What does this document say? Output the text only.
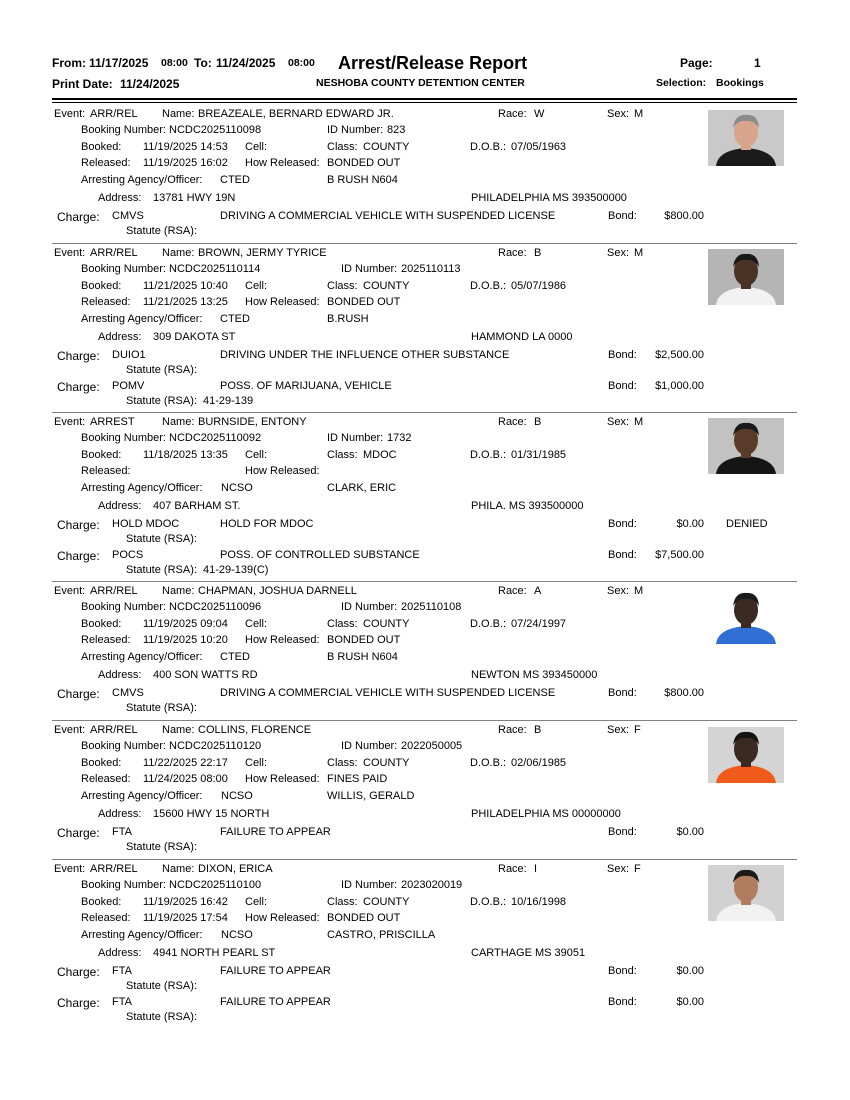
From: 11/17/2025 08:00 To: 11/24/2025 08:00 Arrest/Release Report	Page:	1
Print Date: 11/24/2025	NESHOBA COUNTY DETENTION CENTER	Selection: Bookings
Event: ARR/REL Name: BREAZEALE, BERNARD EDWARD JR.	Race: W	Sex: M
Booking Number: NCDC2025110098	ID Number: 823
Booked: 11/19/2025 14:53 Cell:	Class: COUNTY	D.O.B.: 07/05/1963
Released: 11/19/2025 16:02 How Released: BONDED OUT
Arresting Agency/Officer: CTED	B RUSH N604
Address: 13781 HWY 19N	PHILADELPHIA MS 393500000
Charge: CMVS	DRIVING A COMMERCIAL VEHICLE WITH SUSPENDED LICENSE	Bond: $800.00
Statute (RSA):
Event: ARR/REL Name: BROWN, JERMY TYRICE	Race: B	Sex: M
Booking Number: NCDC2025110114	ID Number: 2025110113
Booked: 11/21/2025 10:40 Cell:	Class: COUNTY	D.O.B.: 05/07/1986
Released: 11/21/2025 13:25 How Released: BONDED OUT
Arresting Agency/Officer: CTED	B.RUSH
Address: 309 DAKOTA ST	HAMMOND LA 0000
Charge: DUIO1	DRIVING UNDER THE INFLUENCE OTHER SUBSTANCE	Bond: $2,500.00
Statute (RSA):
Charge: POMV	POSS. OF MARIJUANA, VEHICLE	Bond: $1,000.00
Statute (RSA): 41-29-139
Event: ARREST Name: BURNSIDE, ENTONY	Race: B	Sex: M
Booking Number: NCDC2025110092	ID Number: 1732
Booked: 11/18/2025 13:35 Cell:	Class: MDOC	D.O.B.: 01/31/1985
Released:	How Released:
Arresting Agency/Officer: NCSO	CLARK, ERIC
Address: 407 BARHAM ST.	PHILA. MS 393500000
Charge: HOLD MDOC	HOLD FOR MDOC	Bond:	$0.00 DENIED
Statute (RSA):
Charge: POCS	POSS. OF CONTROLLED SUBSTANCE	Bond: $7,500.00
Statute (RSA): 41-29-139(C)
Event: ARR/REL Name: CHAPMAN, JOSHUA DARNELL	Race: A	Sex: M
Booking Number: NCDC2025110096	ID Number: 2025110108
Booked: 11/19/2025 09:04 Cell:	Class: COUNTY	D.O.B.: 07/24/1997
Released: 11/19/2025 10:20 How Released: BONDED OUT
Arresting Agency/Officer: CTED	B RUSH N604
Address: 400 SON WATTS RD	NEWTON MS 393450000
Charge: CMVS	DRIVING A COMMERCIAL VEHICLE WITH SUSPENDED LICENSE	Bond: $800.00
Statute (RSA):
Event: ARR/REL Name: COLLINS, FLORENCE	Race: B	Sex: F
Booking Number: NCDC2025110120	ID Number: 2022050005
Booked: 11/22/2025 22:17 Cell:	Class: COUNTY	D.O.B.: 02/06/1985
Released: 11/24/2025 08:00 How Released: FINES PAID
Arresting Agency/Officer: NCSO	WILLIS, GERALD
Address: 15600 HWY 15 NORTH	PHILADELPHIA MS 00000000
Charge: FTA	FAILURE TO APPEAR	Bond:	$0.00
Statute (RSA):
Event: ARR/REL Name: DIXON, ERICA	Race: I	Sex: F
Booking Number: NCDC2025110100	ID Number: 2023020019
Booked: 11/19/2025 16:42 Cell:	Class: COUNTY	D.O.B.: 10/16/1998
Released: 11/19/2025 17:54 How Released: BONDED OUT
Arresting Agency/Officer: NCSO	CASTRO, PRISCILLA
Address: 4941 NORTH PEARL ST	CARTHAGE MS 39051
Charge: FTA	FAILURE TO APPEAR	Bond:	$0.00
Statute (RSA):
Charge: FTA	FAILURE TO APPEAR	Bond:	$0.00
Statute (RSA):
